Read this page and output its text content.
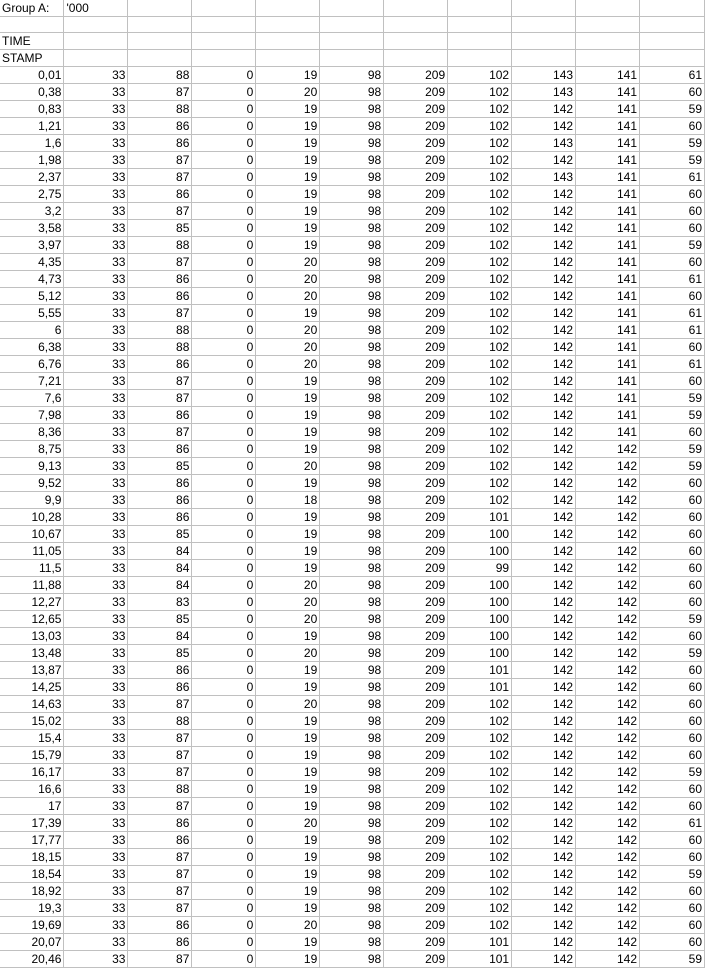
Group A:	'000									

TIME										
STAMP										
0,01	33	88	0	19	98	209	102	143	141	61
0,38	33	87	0	20	98	209	102	143	141	60
0,83	33	88	0	19	98	209	102	142	141	59
1,21	33	86	0	19	98	209	102	142	141	60
1,6	33	86	0	19	98	209	102	143	141	59
1,98	33	87	0	19	98	209	102	142	141	59
2,37	33	87	0	19	98	209	102	143	141	61
2,75	33	86	0	19	98	209	102	142	141	60
3,2	33	87	0	19	98	209	102	142	141	60
3,58	33	85	0	19	98	209	102	142	141	60
3,97	33	88	0	19	98	209	102	142	141	59
4,35	33	87	0	20	98	209	102	142	141	60
4,73	33	86	0	20	98	209	102	142	141	61
5,12	33	86	0	20	98	209	102	142	141	60
5,55	33	87	0	19	98	209	102	142	141	61
6	33	88	0	20	98	209	102	142	141	61
6,38	33	88	0	20	98	209	102	142	141	60
6,76	33	86	0	20	98	209	102	142	141	61
7,21	33	87	0	19	98	209	102	142	141	60
7,6	33	87	0	19	98	209	102	142	141	59
7,98	33	86	0	19	98	209	102	142	141	59
8,36	33	87	0	19	98	209	102	142	141	60
8,75	33	86	0	19	98	209	102	142	142	59
9,13	33	85	0	20	98	209	102	142	142	59
9,52	33	86	0	19	98	209	102	142	142	60
9,9	33	86	0	18	98	209	102	142	142	60
10,28	33	86	0	19	98	209	101	142	142	60
10,67	33	85	0	19	98	209	100	142	142	60
11,05	33	84	0	19	98	209	100	142	142	60
11,5	33	84	0	19	98	209	99	142	142	60
11,88	33	84	0	20	98	209	100	142	142	60
12,27	33	83	0	20	98	209	100	142	142	60
12,65	33	85	0	20	98	209	100	142	142	59
13,03	33	84	0	19	98	209	100	142	142	60
13,48	33	85	0	20	98	209	100	142	142	59
13,87	33	86	0	19	98	209	101	142	142	60
14,25	33	86	0	19	98	209	101	142	142	60
14,63	33	87	0	20	98	209	102	142	142	60
15,02	33	88	0	19	98	209	102	142	142	60
15,4	33	87	0	19	98	209	102	142	142	60
15,79	33	87	0	19	98	209	102	142	142	60
16,17	33	87	0	19	98	209	102	142	142	59
16,6	33	88	0	19	98	209	102	142	142	60
17	33	87	0	19	98	209	102	142	142	60
17,39	33	86	0	20	98	209	102	142	142	61
17,77	33	86	0	19	98	209	102	142	142	60
18,15	33	87	0	19	98	209	102	142	142	60
18,54	33	87	0	19	98	209	102	142	142	59
18,92	33	87	0	19	98	209	102	142	142	60
19,3	33	87	0	19	98	209	102	142	142	60
19,69	33	86	0	20	98	209	102	142	142	60
20,07	33	86	0	19	98	209	101	142	142	60
20,46	33	87	0	19	98	209	101	142	142	59
